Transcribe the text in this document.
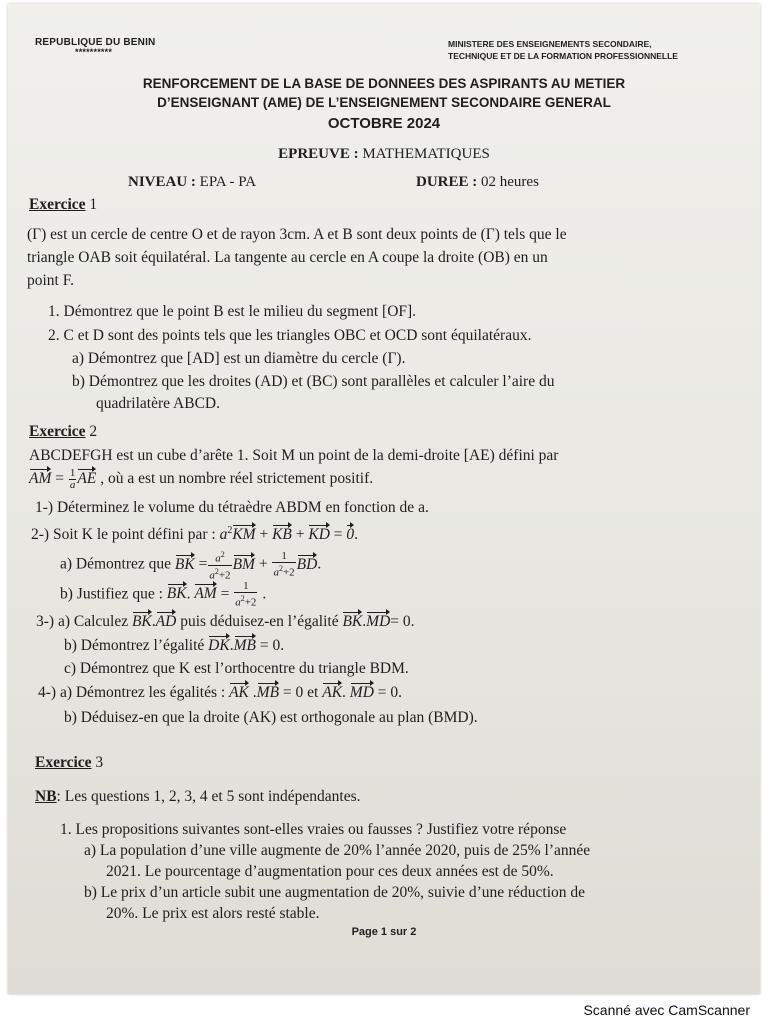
REPUBLIQUE DU BENIN
**********
MINISTERE DES ENSEIGNEMENTS SECONDAIRE,
TECHNIQUE ET DE LA FORMATION PROFESSIONNELLE
RENFORCEMENT DE LA BASE DE DONNEES DES ASPIRANTS AU METIER
D’ENSEIGNANT (AME) DE L’ENSEIGNEMENT SECONDAIRE GENERAL
OCTOBRE 2024
EPREUVE : MATHEMATIQUES
NIVEAU : EPA - PA	DUREE : 02 heures
Exercice 1
(Γ) est un cercle de centre O et de rayon 3cm. A et B sont deux points de (Γ) tels que le
triangle OAB soit équilatéral. La tangente au cercle en A coupe la droite (OB) en un
point F.
1. Démontrez que le point B est le milieu du segment [OF].
2. C et D sont des points tels que les triangles OBC et OCD sont équilatéraux.
a) Démontrez que [AD] est un diamètre du cercle (Γ).
b) Démontrez que les droites (AD) et (BC) sont parallèles et calculer l’aire du
quadrilatère ABCD.
Exercice 2
ABCDEFGH est un cube d’arête 1. Soit M un point de la demi-droite [AE) défini par
AM = $\frac{1}{a}$ AE , où a est un nombre réel strictement positif.
1-) Déterminez le volume du tétraèdre ABDM en fonction de a.
2-) Soit K le point défini par : $a^2KM$ + KB + KD = 0.
a) Démontrez que BK = $\frac{a^2}{a^2+2}$ BM + $\frac{1}{a^2+2}$ BD.
b) Justifiez que : BK. AM = $\frac{1}{a^2+2}$ .
3-) a) Calculez BK.AD puis déduisez-en l’égalité BK.MD= 0.
b) Démontrez l’égalité DK.MB = 0.
c) Démontrez que K est l’orthocentre du triangle BDM.
4-) a) Démontrez les égalités : AK .MB = 0 et AK. MD = 0.
b) Déduisez-en que la droite (AK) est orthogonale au plan (BMD).
Exercice 3
NB: Les questions 1, 2, 3, 4 et 5 sont indépendantes.
1. Les propositions suivantes sont-elles vraies ou fausses ? Justifiez votre réponse
a) La population d’une ville augmente de 20% l’année 2020, puis de 25% l’année
2021. Le pourcentage d’augmentation pour ces deux années est de 50%.
b) Le prix d’un article subit une augmentation de 20%, suivie d’une réduction de
20%. Le prix est alors resté stable.
Page 1 sur 2
Scanné avec CamScanner
